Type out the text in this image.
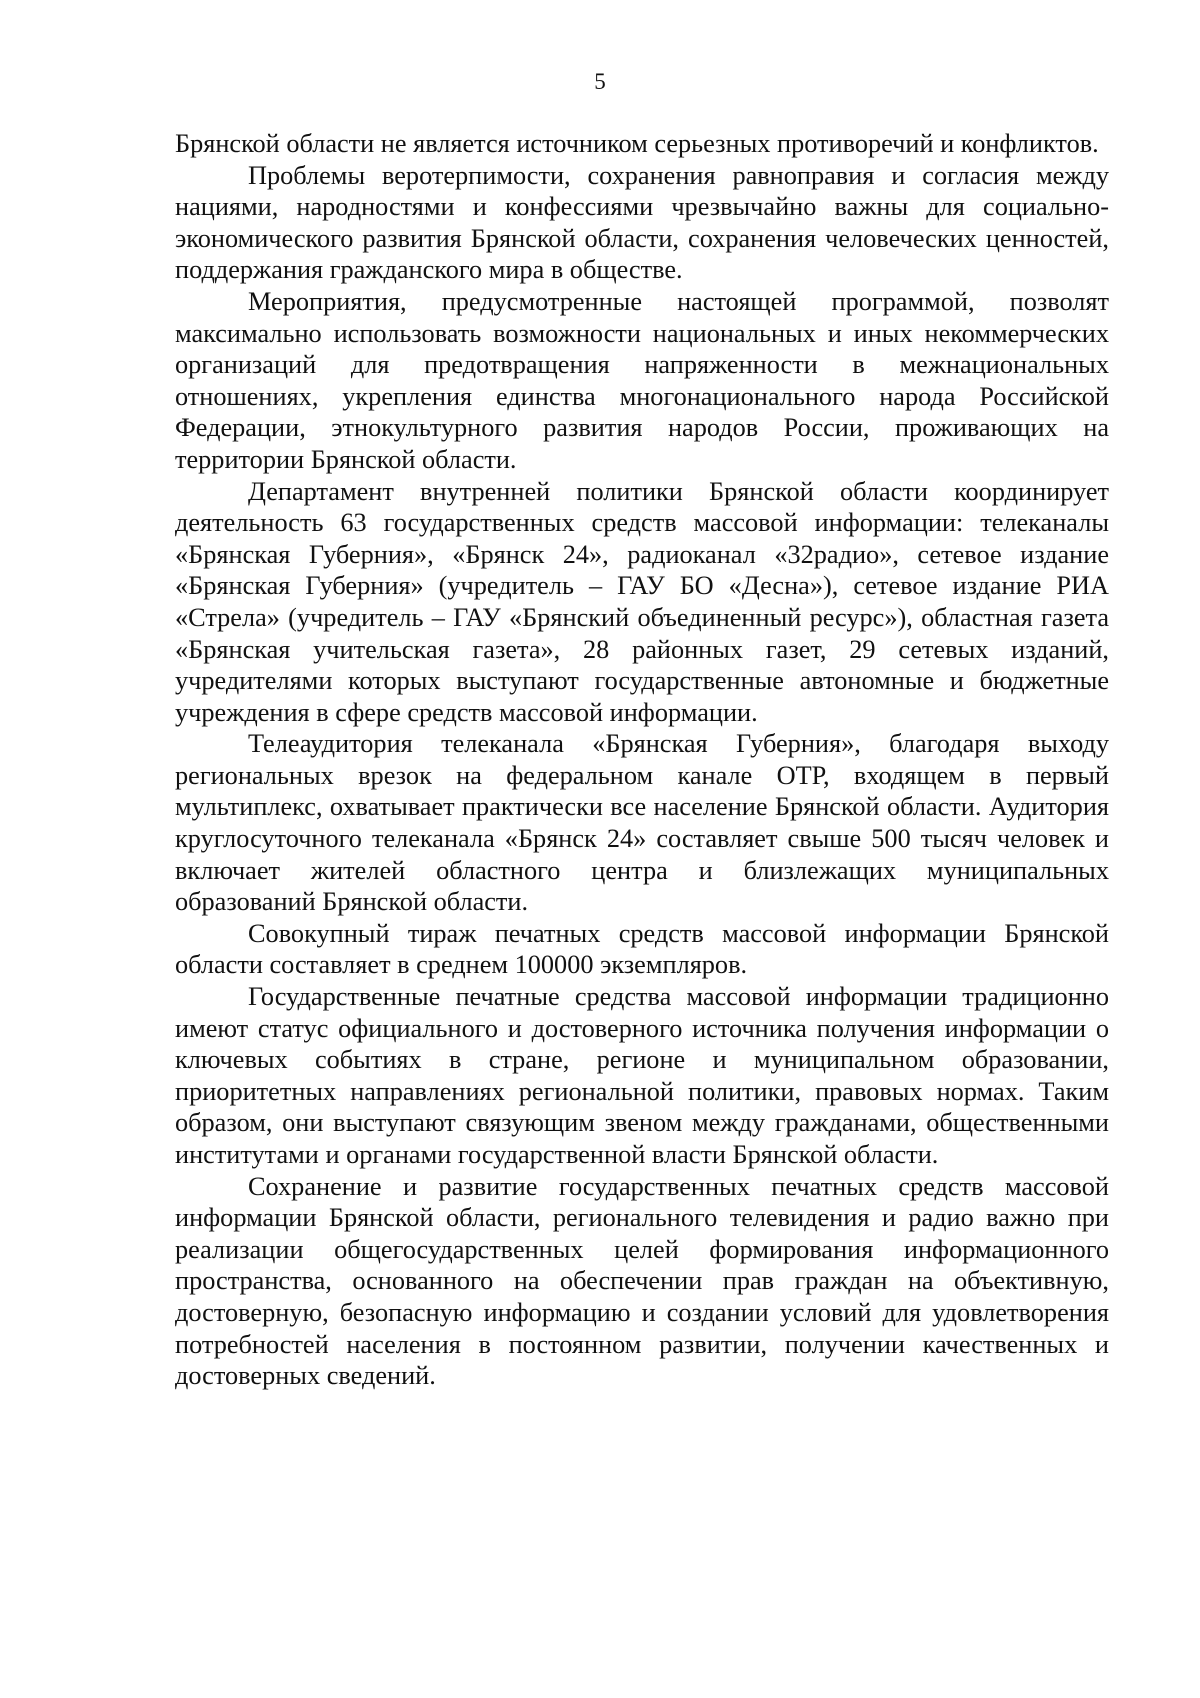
5

Брянской области не является источником серьезных противоречий и конфликтов.

Проблемы веротерпимости, сохранения равноправия и согласия между нациями, народностями и конфессиями чрезвычайно важны для социально-экономического развития Брянской области, сохранения человеческих ценностей, поддержания гражданского мира в обществе.

Мероприятия, предусмотренные настоящей программой, позволят максимально использовать возможности национальных и иных некоммерческих организаций для предотвращения напряженности в межнациональных отношениях, укрепления единства многонационального народа Российской Федерации, этнокультурного развития народов России, проживающих на территории Брянской области.

Департамент внутренней политики Брянской области координирует деятельность 63 государственных средств массовой информации: телеканалы «Брянская Губерния», «Брянск 24», радиоканал «32радио», сетевое издание «Брянская Губерния» (учредитель – ГАУ БО «Десна»), сетевое издание РИА «Стрела» (учредитель – ГАУ «Брянский объединенный ресурс»), областная газета «Брянская учительская газета», 28 районных газет, 29 сетевых изданий, учредителями которых выступают государственные автономные и бюджетные учреждения в сфере средств массовой информации.

Телеаудитория телеканала «Брянская Губерния», благодаря выходу региональных врезок на федеральном канале ОТР, входящем в первый мультиплекс, охватывает практически все население Брянской области. Аудитория круглосуточного телеканала «Брянск 24» составляет свыше 500 тысяч человек и включает жителей областного центра и близлежащих муниципальных образований Брянской области.

Совокупный тираж печатных средств массовой информации Брянской области составляет в среднем 100000 экземпляров.

Государственные печатные средства массовой информации традиционно имеют статус официального и достоверного источника получения информации о ключевых событиях в стране, регионе и муниципальном образовании, приоритетных направлениях региональной политики, правовых нормах. Таким образом, они выступают связующим звеном между гражданами, общественными институтами и органами государственной власти Брянской области.

Сохранение и развитие государственных печатных средств массовой информации Брянской области, регионального телевидения и радио важно при реализации общегосударственных целей формирования информационного пространства, основанного на обеспечении прав граждан на объективную, достоверную, безопасную информацию и создании условий для удовлетворения потребностей населения в постоянном развитии, получении качественных и достоверных сведений.
